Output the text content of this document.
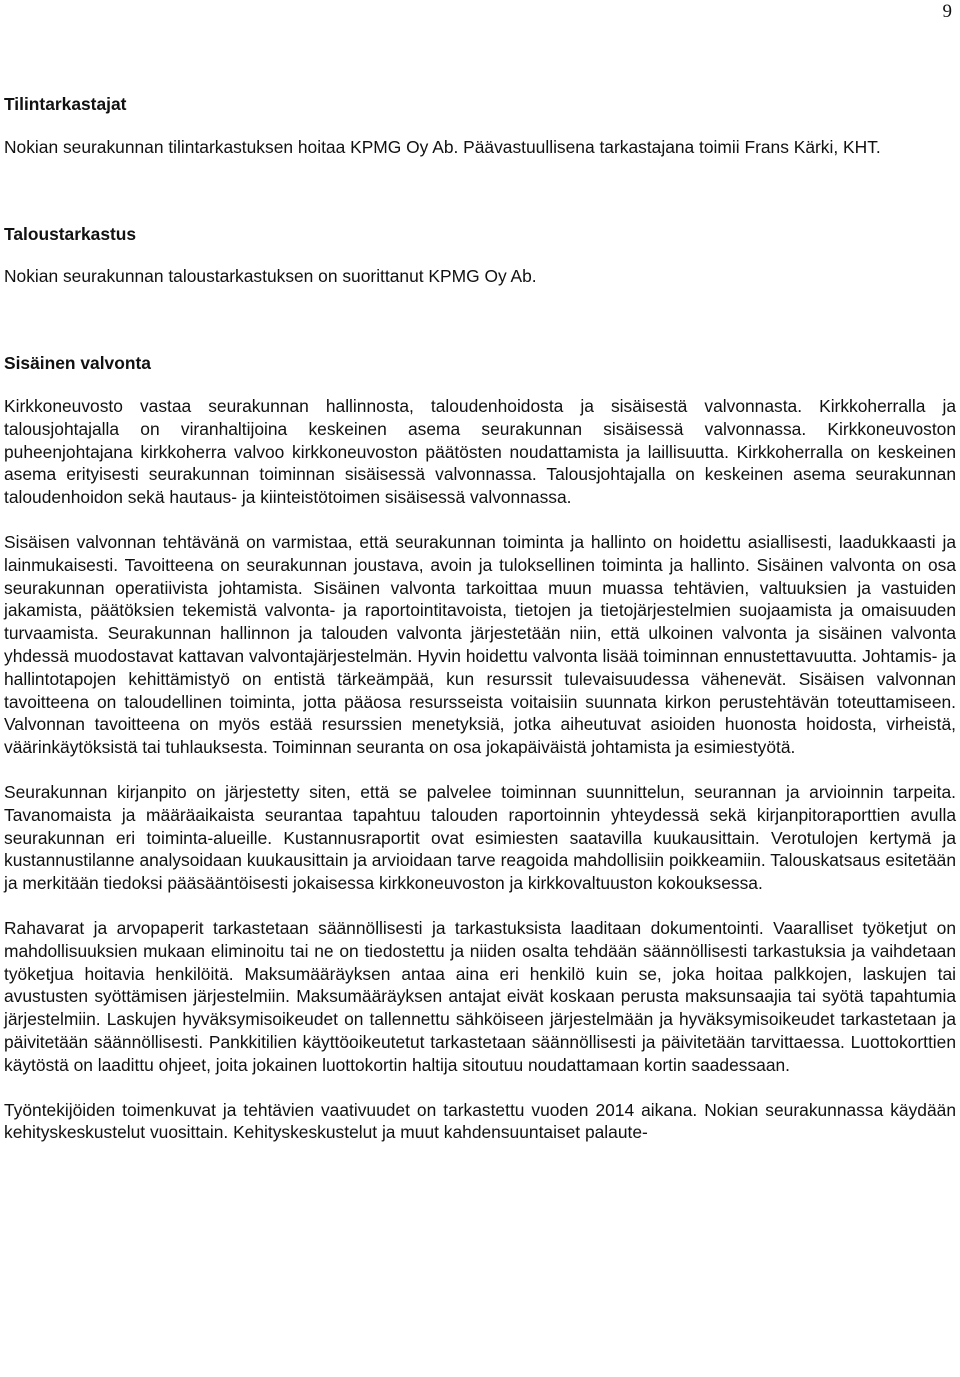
9

Tilintarkastajat

Nokian seurakunnan tilintarkastuksen hoitaa KPMG Oy Ab. Päävastuullisena tarkastajana toimii Frans Kärki, KHT.

Taloustarkastus

Nokian seurakunnan taloustarkastuksen on suorittanut KPMG Oy Ab.

Sisäinen valvonta

Kirkkoneuvosto vastaa seurakunnan hallinnosta, taloudenhoidosta ja sisäisestä valvonnasta. Kirkkoherralla ja talousjohtajalla on viranhaltijoina keskeinen asema seurakunnan sisäisessä valvonnassa. Kirkkoneuvoston puheenjohtajana kirkkoherra valvoo kirkkoneuvoston päätösten noudattamista ja laillisuutta. Kirkkoherralla on keskeinen asema erityisesti seurakunnan toiminnan sisäisessä valvonnassa. Talousjohtajalla on keskeinen asema seurakunnan taloudenhoidon sekä hautaus- ja kiinteistötoimen sisäisessä valvonnassa.

Sisäisen valvonnan tehtävänä on varmistaa, että seurakunnan toiminta ja hallinto on hoidettu asiallisesti, laadukkaasti ja lainmukaisesti. Tavoitteena on seurakunnan joustava, avoin ja tuloksellinen toiminta ja hallinto. Sisäinen valvonta on osa seurakunnan operatiivista johtamista. Sisäinen valvonta tarkoittaa muun muassa tehtävien, valtuuksien ja vastuiden jakamista, päätöksien tekemistä valvonta- ja raportointitavoista, tietojen ja tietojärjestelmien suojaamista ja omaisuuden turvaamista. Seurakunnan hallinnon ja talouden valvonta järjestetään niin, että ulkoinen valvonta ja sisäinen valvonta yhdessä muodostavat kattavan valvontajärjestelmän. Hyvin hoidettu valvonta lisää toiminnan ennustettavuutta. Johtamis- ja hallintotapojen kehittämistyö on entistä tärkeämpää, kun resurssit tulevaisuudessa vähenevät. Sisäisen valvonnan tavoitteena on taloudellinen toiminta, jotta pääosa resursseista voitaisiin suunnata kirkon perustehtävän toteuttamiseen. Valvonnan tavoitteena on myös estää resurssien menetyksiä, jotka aiheutuvat asioiden huonosta hoidosta, virheistä, väärinkäytöksistä tai tuhlauksesta. Toiminnan seuranta on osa jokapäiväistä johtamista ja esimiestyötä.

Seurakunnan kirjanpito on järjestetty siten, että se palvelee toiminnan suunnittelun, seurannan ja arvioinnin tarpeita. Tavanomaista ja määräaikaista seurantaa tapahtuu talouden raportoinnin yhteydessä sekä kirjanpitoraporttien avulla seurakunnan eri toiminta-alueille. Kustannusraportit ovat esimiesten saatavilla kuukausittain. Verotulojen kertymä ja kustannustilanne analysoidaan kuukausittain ja arvioidaan tarve reagoida mahdollisiin poikkeamiin. Talouskatsaus esitetään ja merkitään tiedoksi pääsääntöisesti jokaisessa kirkkoneuvoston ja kirkkovaltuuston kokouksessa.

Rahavarat ja arvopaperit tarkastetaan säännöllisesti ja tarkastuksista laaditaan dokumentointi. Vaaralliset työketjut on mahdollisuuksien mukaan eliminoitu tai ne on tiedostettu ja niiden osalta tehdään säännöllisesti tarkastuksia ja vaihdetaan työketjua hoitavia henkilöitä. Maksumääräyksen antaa aina eri henkilö kuin se, joka hoitaa palkkojen, laskujen tai avustusten syöttämisen järjestelmiin. Maksumääräyksen antajat eivät koskaan perusta maksunsaajia tai syötä tapahtumia järjestelmiin. Laskujen hyväksymisoikeudet on tallennettu sähköiseen järjestelmään ja hyväksymisoikeudet tarkastetaan ja päivitetään säännöllisesti. Pankkitilien käyttöoikeutetut tarkastetaan säännöllisesti ja päivitetään tarvittaessa. Luottokorttien käytöstä on laadittu ohjeet, joita jokainen luottokortin haltija sitoutuu noudattamaan kortin saadessaan.

Työntekijöiden toimenkuvat ja tehtävien vaativuudet on tarkastettu vuoden 2014 aikana. Nokian seurakunnassa käydään kehityskeskustelut vuosittain. Kehityskeskustelut ja muut kahdensuuntaiset palaute-
